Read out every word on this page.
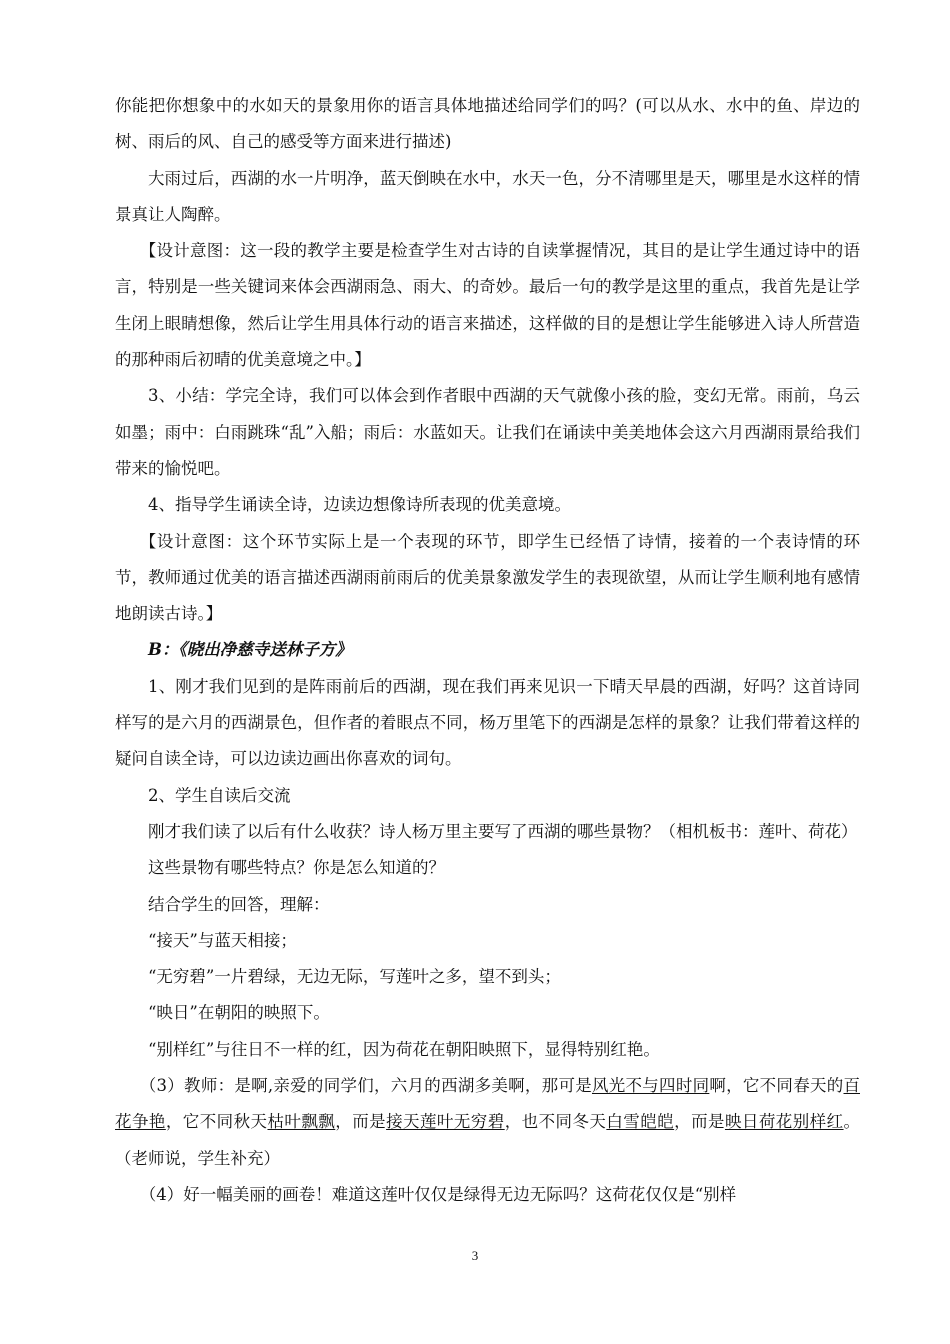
你能把你想象中的水如天的景象用你的语言具体地描述给同学们的吗？(可以从水、水中的鱼、岸边的树、雨后的风、自己的感受等方面来进行描述)

大雨过后，西湖的水一片明净，蓝天倒映在水中，水天一色，分不清哪里是天，哪里是水这样的情景真让人陶醉。

【设计意图：这一段的教学主要是检查学生对古诗的自读掌握情况，其目的是让学生通过诗中的语言，特别是一些关键词来体会西湖雨急、雨大、的奇妙。最后一句的教学是这里的重点，我首先是让学生闭上眼睛想像，然后让学生用具体行动的语言来描述，这样做的目的是想让学生能够进入诗人所营造的那种雨后初晴的优美意境之中。】

3、小结：学完全诗，我们可以体会到作者眼中西湖的天气就像小孩的脸，变幻无常。雨前，乌云如墨；雨中：白雨跳珠“乱”入船；雨后：水蓝如天。让我们在诵读中美美地体会这六月西湖雨景给我们带来的愉悦吧。

4、指导学生诵读全诗，边读边想像诗所表现的优美意境。

【设计意图：这个环节实际上是一个表现的环节，即学生已经悟了诗情，接着的一个表诗情的环节，教师通过优美的语言描述西湖雨前雨后的优美景象激发学生的表现欲望，从而让学生顺利地有感情地朗读古诗。】

B：《晓出净慈寺送林子方》

1、刚才我们见到的是阵雨前后的西湖，现在我们再来见识一下晴天早晨的西湖，好吗？这首诗同样写的是六月的西湖景色，但作者的着眼点不同，杨万里笔下的西湖是怎样的景象？让我们带着这样的疑问自读全诗，可以边读边画出你喜欢的词句。

2、学生自读后交流

刚才我们读了以后有什么收获？诗人杨万里主要写了西湖的哪些景物？（相机板书：莲叶、荷花）

这些景物有哪些特点？你是怎么知道的？

结合学生的回答，理解：

“接天”与蓝天相接；

“无穷碧”一片碧绿，无边无际，写莲叶之多，望不到头；

“映日”在朝阳的映照下。

“别样红”与往日不一样的红，因为荷花在朝阳映照下，显得特别红艳。

（3）教师：是啊,亲爱的同学们，六月的西湖多美啊，那可是风光不与四时同啊，它不同春天的百花争艳，它不同秋天枯叶飘飘，而是接天莲叶无穷碧，也不同冬天白雪皑皑，而是映日荷花别样红。（老师说，学生补充）

（4）好一幅美丽的画卷！难道这莲叶仅仅是绿得无边无际吗？这荷花仅仅是“别样

3
